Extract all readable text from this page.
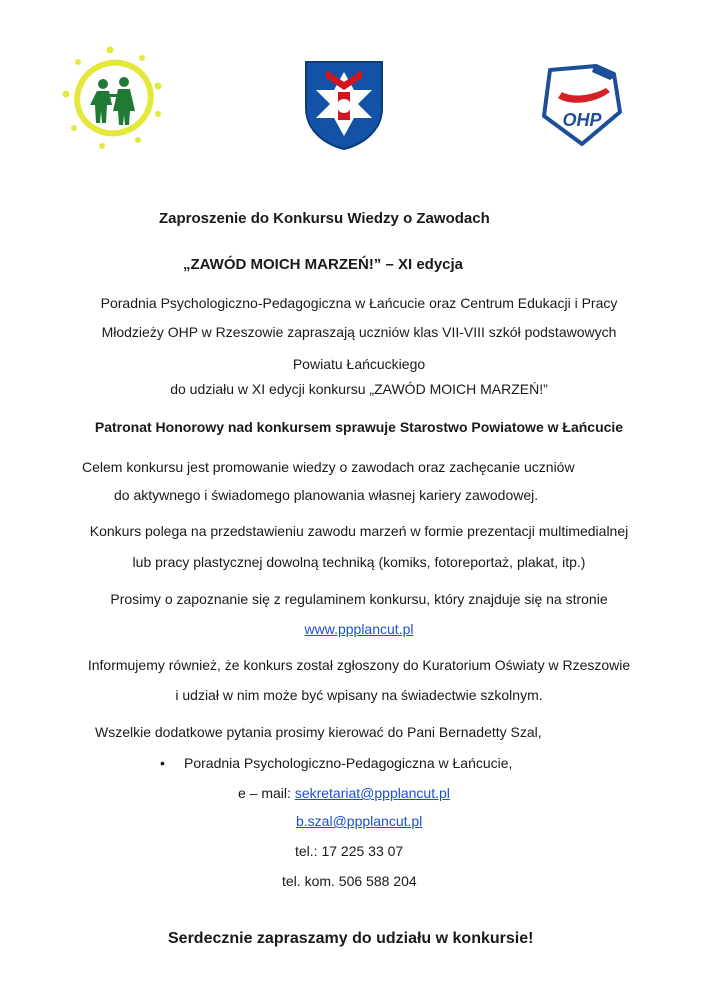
OHP
Zaproszenie do Konkursu Wiedzy o Zawodach
„ZAWÓD MOICH MARZEŃ!” – XI edycja
Poradnia Psychologiczno-Pedagogiczna w Łańcucie oraz Centrum Edukacji i Pracy
Młodzieży OHP w Rzeszowie zapraszają uczniów klas VII-VIII szkół podstawowych
Powiatu Łańcuckiego
do udziału w XI edycji konkursu „ZAWÓD MOICH MARZEŃ!”
Patronat Honorowy nad konkursem sprawuje Starostwo Powiatowe w Łańcucie
Celem konkursu jest promowanie wiedzy o zawodach oraz zachęcanie uczniów
do aktywnego i świadomego planowania własnej kariery zawodowej.
Konkurs polega na przedstawieniu zawodu marzeń w formie prezentacji multimedialnej
lub pracy plastycznej dowolną techniką (komiks, fotoreportaż, plakat, itp.)
Prosimy o zapoznanie się z regulaminem konkursu, który znajduje się na stronie
www.ppplancut.pl
Informujemy również, że konkurs został zgłoszony do Kuratorium Oświaty w Rzeszowie
i udział w nim może być wpisany na świadectwie szkolnym.
Wszelkie dodatkowe pytania prosimy kierować do Pani Bernadetty Szal,
• Poradnia Psychologiczno-Pedagogiczna w Łańcucie,
e – mail: sekretariat@ppplancut.pl
b.szal@ppplancut.pl
tel.: 17 225 33 07
tel. kom. 506 588 204
Serdecznie zapraszamy do udziału w konkursie!
